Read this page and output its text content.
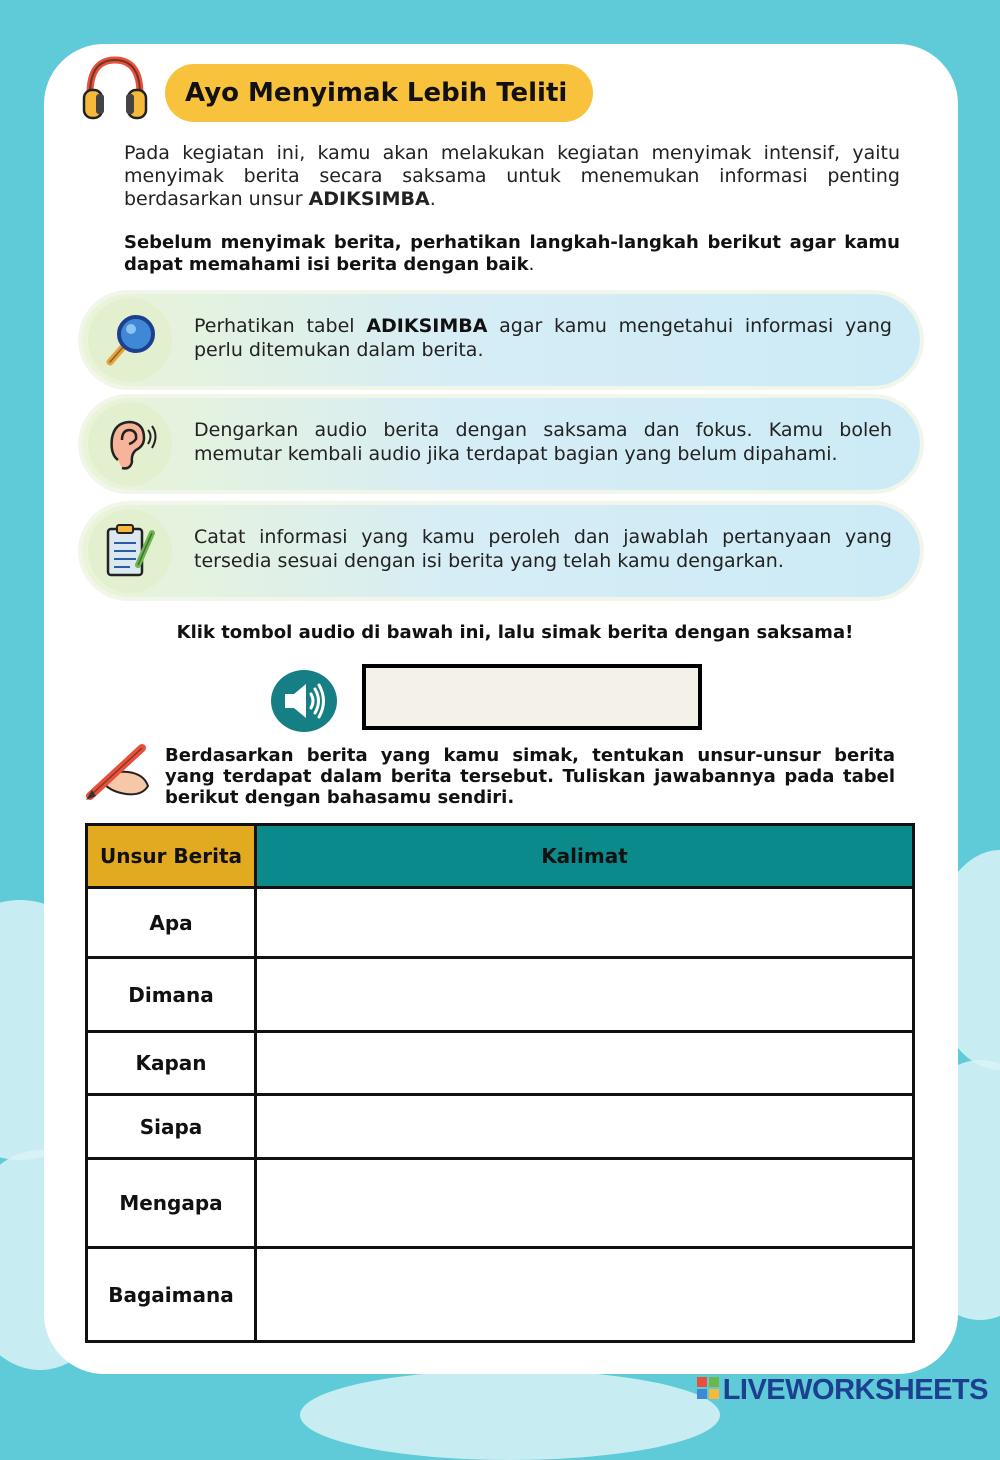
Ayo Menyimak Lebih Teliti
Pada kegiatan ini, kamu akan melakukan kegiatan menyimak intensif, yaitu menyimak berita secara saksama untuk menemukan informasi penting berdasarkan unsur ADIKSIMBA.
Sebelum menyimak berita, perhatikan langkah-langkah berikut agar kamu dapat memahami isi berita dengan baik.
Perhatikan tabel ADIKSIMBA agar kamu mengetahui informasi yang perlu ditemukan dalam berita.
Dengarkan audio berita dengan saksama dan fokus. Kamu boleh memutar kembali audio jika terdapat bagian yang belum dipahami.
Catat informasi yang kamu peroleh dan jawablah pertanyaan yang tersedia sesuai dengan isi berita yang telah kamu dengarkan.
Klik tombol audio di bawah ini, lalu simak berita dengan saksama!
Berdasarkan berita yang kamu simak, tentukan unsur-unsur berita yang terdapat dalam berita tersebut. Tuliskan jawabannya pada tabel berikut dengan bahasamu sendiri.
Unsur Berita	Kalimat
Apa	
Dimana	
Kapan	
Siapa	
Mengapa	
Bagaimana	
LIVEWORKSHEETS
